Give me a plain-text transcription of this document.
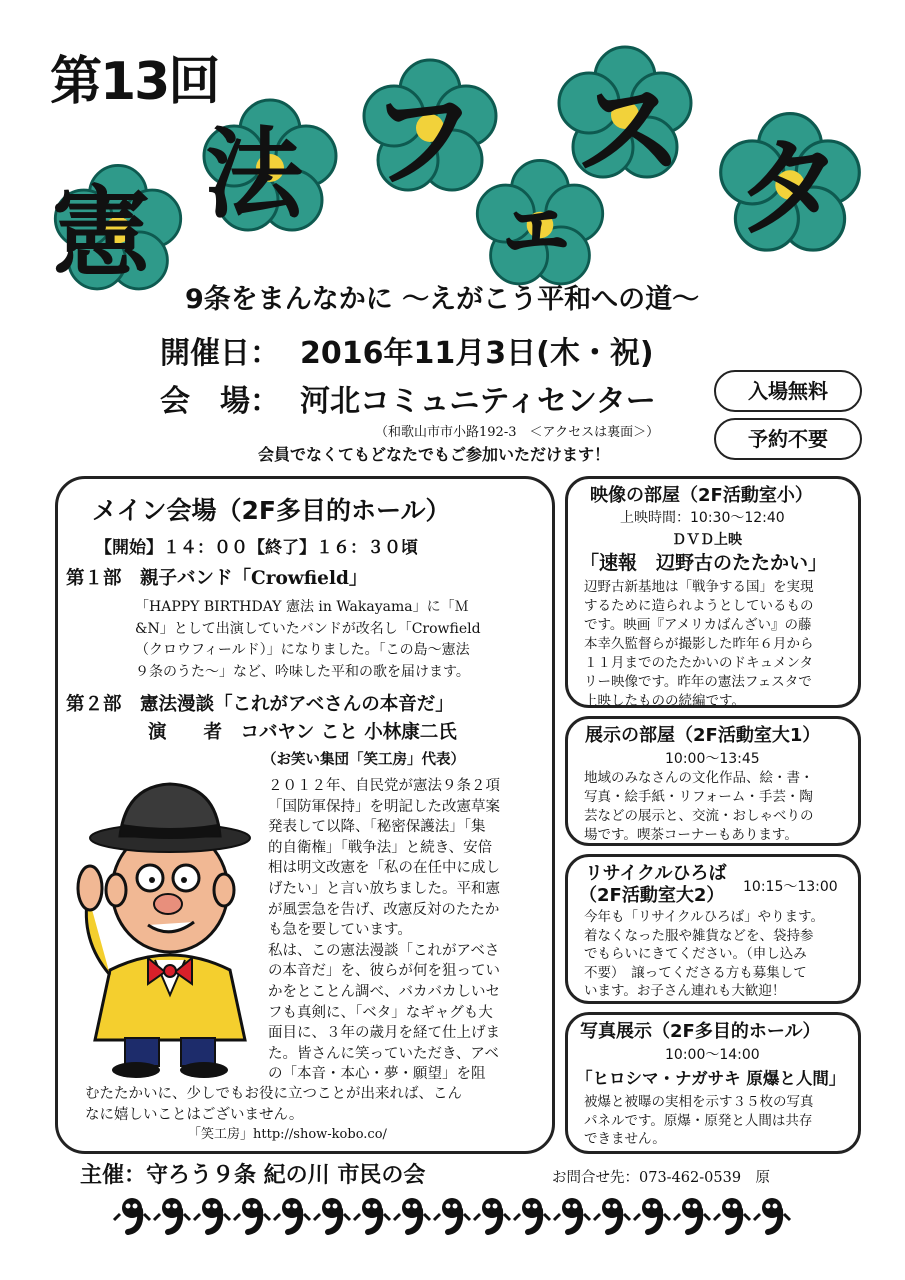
第13回
憲
法 フ
ェ
ス タ
9条をまんなかに ～えがこう平和への道～
開催日： 2016年11月3日(木・祝)
会　場： 河北コミュニティセンター
（和歌山市市小路192-3　＜アクセスは裏面＞）
会員でなくてもどなたでもご参加いただけます！
入場無料
予約不要
メイン会場（2F多目的ホール）
【開始】１４：００【終了】１６：３０頃
第１部　親子バンド「Crowfield」
「HAPPY BIRTHDAY 憲法 in Wakayama」に「Ｍ
&N」として出演していたバンドが改名し「Crowfield
（クロウフィールド）」になりました。「この島～憲法
９条のうた～」など、吟味した平和の歌を届けます。
第２部　憲法漫談「これがアベさんの本音だ」
演　　者　コバヤン こと 小林康二氏
（お笑い集団「笑工房」代表）
２０１２年、自民党が憲法９条２項
「国防軍保持」を明記した改憲草案
発表して以降、「秘密保護法」「集
的自衛権」「戦争法」と続き、安倍
相は明文改憲を「私の在任中に成し
げたい」と言い放ちました。平和憲
が風雲急を告げ、改憲反対のたたか
も急を要しています。
私は、この憲法漫談「これがアベさ
の本音だ」を、彼らが何を狙ってい
かをとことん調べ、バカバカしいセ
フも真剣に、「ベタ」なギャグも大
面目に、３年の歳月を経て仕上げま
た。皆さんに笑っていただき、アベ
の「本音・本心・夢・願望」を阻
むたたかいに、少しでもお役に立つことが出来れば、こん
なに嬉しいことはございません。
「笑工房」http://show-kobo.co/
映像の部屋（2F活動室小）
上映時間：10:30～12:40
ＤＶＤ上映
「速報　辺野古のたたかい」
辺野古新基地は「戦争する国」を実現
するために造られようとしているもの
です。映画『アメリカばんざい』の藤
本幸久監督らが撮影した昨年６月から
１１月までのたたかいのドキュメンタ
リー映像です。昨年の憲法フェスタで
上映したものの続編です。
展示の部屋（2F活動室大1）
10:00～13:45
地域のみなさんの文化作品、絵・書・
写真・絵手紙・リフォーム・手芸・陶
芸などの展示と、交流・おしゃべりの
場です。喫茶コーナーもあります。
リサイクルひろば
（2F活動室大2） 10:15～13:00
今年も「リサイクルひろば」やります。
着なくなった服や雑貨などを、袋持参
でもらいにきてください。（申し込み
不要）　譲ってくださる方も募集して
います。お子さん連れも大歓迎！
写真展示（2F多目的ホール）
10:00～14:00
「ヒロシマ・ナガサキ 原爆と人間」
被爆と被曝の実相を示す３５枚の写真
パネルです。原爆・原発と人間は共存
できません。
主催：守ろう９条 紀の川 市民の会	お問合せ先：073-462-0539　原
